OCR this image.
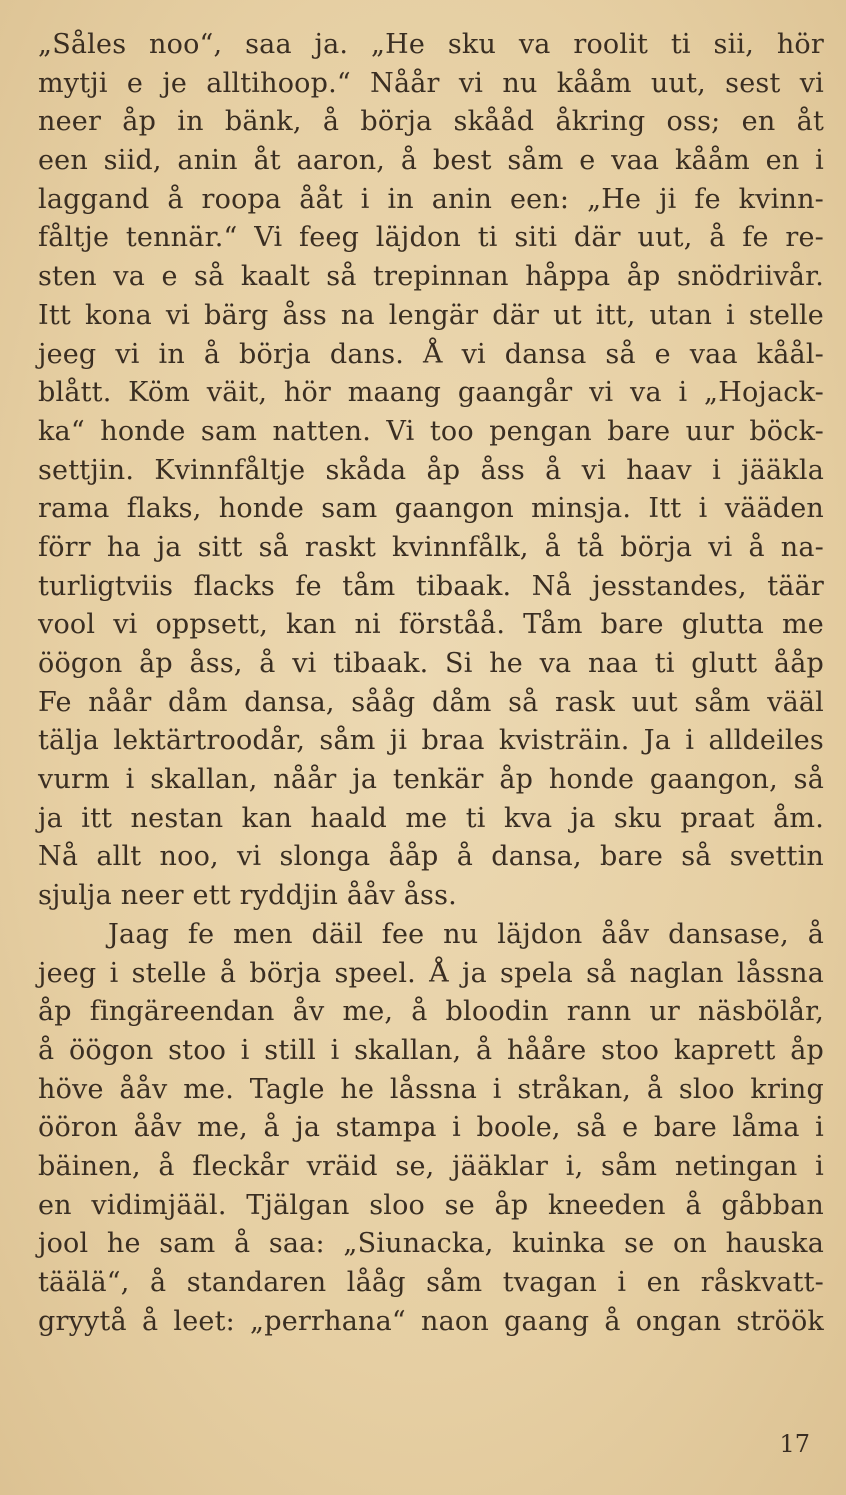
„Såles noo“, saa ja. „He sku va roolit ti sii, hör
mytji e je alltihoop.“ Nåår vi nu kååm uut, sest vi
neer åp in bänk, å börja skååd åkring oss; en åt
een siid, anin åt aaron, å best såm e vaa kååm en i
laggand å roopa ååt i in anin een: „He ji fe kvinn-
fåltje tennär.“ Vi feeg läjdon ti siti där uut, å fe re-
sten va e så kaalt så trepinnan håppa åp snödriivår.
Itt kona vi bärg åss na lengär där ut itt, utan i stelle
jeeg vi in å börja dans. Å vi dansa så e vaa kåål-
blått. Köm väit, hör maang gaangår vi va i „Hojack-
ka“ honde sam natten. Vi too pengan bare uur böck-
settjin. Kvinnfåltje skåda åp åss å vi haav i jääkla
rama flaks, honde sam gaangon minsja. Itt i vääden
förr ha ja sitt så raskt kvinnfålk, å tå börja vi å na-
turligtviis flacks fe tåm tibaak. Nå jesstandes, täär
vool vi oppsett, kan ni förståå. Tåm bare glutta me
öögon åp åss, å vi tibaak. Si he va naa ti glutt ååp
Fe nåår dåm dansa, sååg dåm så rask uut såm vääl
tälja lektärtroodår, såm ji braa kvisträin. Ja i alldeiles
vurm i skallan, nåår ja tenkär åp honde gaangon, så
ja itt nestan kan haald me ti kva ja sku praat åm.
Nå allt noo, vi slonga ååp å dansa, bare så svettin
sjulja neer ett ryddjin ååv åss.
Jaag fe men däil fee nu läjdon ååv dansase, å
jeeg i stelle å börja speel. Å ja spela så naglan låssna
åp fingäreendan åv me, å bloodin rann ur näsbölår,
å öögon stoo i still i skallan, å hååre stoo kaprett åp
höve ååv me. Tagle he låssna i stråkan, å sloo kring
ööron ååv me, å ja stampa i boole, så e bare låma i
bäinen, å fleckår vräid se, jääklar i, såm netingan i
en vidimjääl. Tjälgan sloo se åp kneeden å gåbban
jool he sam å saa: „Siunacka, kuinka se on hauska
täälä“, å standaren lååg såm tvagan i en råskvatt-
gryytå å leet: „perrhana“ naon gaang å ongan ströök
17
